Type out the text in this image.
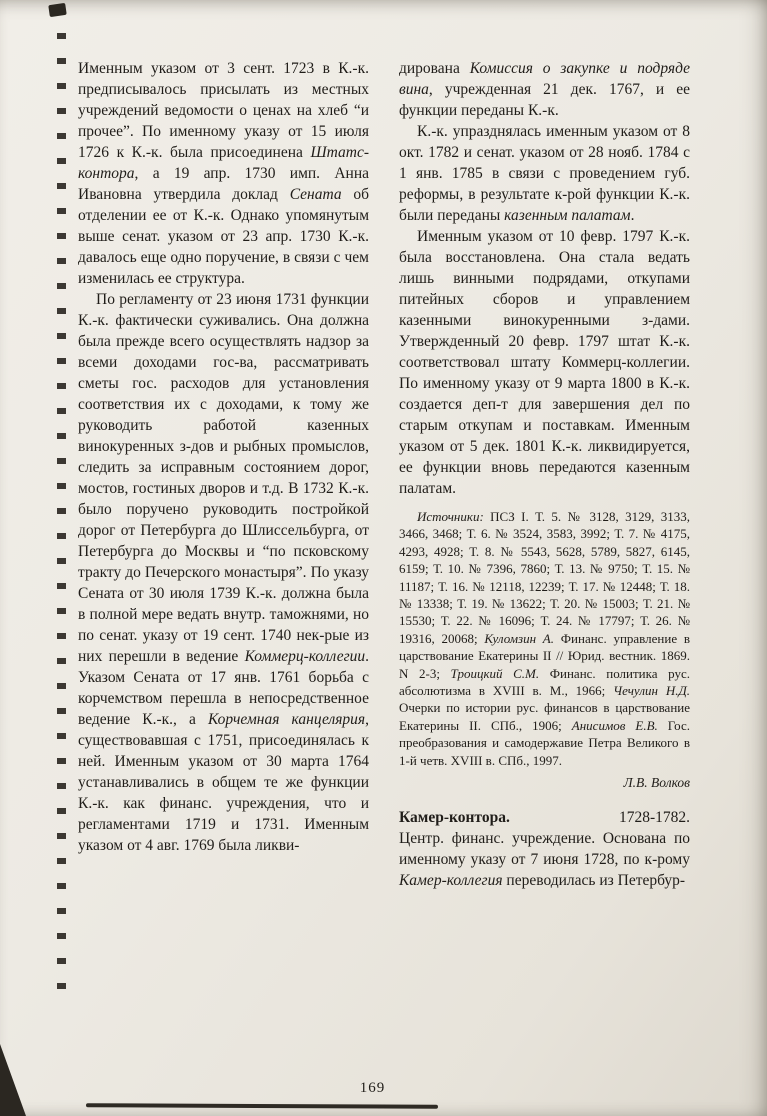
Именным указом от 3 сент. 1723 в К.-к. предписывалось присылать из местных учреждений ведомости о ценах на хлеб “и прочее”. По именному указу от 15 июля 1726 к К.-к. была присоединена Штатс-контора, а 19 апр. 1730 имп. Анна Ивановна утвердила доклад Сената об отделении ее от К.-к. Однако упомянутым выше сенат. указом от 23 апр. 1730 К.-к. давалось еще одно поручение, в связи с чем изменилась ее структура.

По регламенту от 23 июня 1731 функции К.-к. фактически суживались. Она должна была прежде всего осуществлять надзор за всеми доходами гос-ва, рассматривать сметы гос. расходов для установления соответствия их с доходами, к тому же руководить работой казенных винокуренных з-дов и рыбных промыслов, следить за исправным состоянием дорог, мостов, гостиных дворов и т.д. В 1732 К.-к. было поручено руководить постройкой дорог от Петербурга до Шлиссельбурга, от Петербурга до Москвы и “по псковскому тракту до Печерского монастыря”. По указу Сената от 30 июля 1739 К.-к. должна была в полной мере ведать внутр. таможнями, но по сенат. указу от 19 сент. 1740 нек-рые из них перешли в ведение Коммерц-коллегии. Указом Сената от 17 янв. 1761 борьба с корчемством перешла в непосредственное ведение К.-к., а Корчемная канцелярия, существовавшая с 1751, присоединялась к ней. Именным указом от 30 марта 1764 устанавливались в общем те же функции К.-к. как финанс. учреждения, что и регламентами 1719 и 1731. Именным указом от 4 авг. 1769 была ликви-

дирована Комиссия о закупке и подряде вина, учрежденная 21 дек. 1767, и ее функции переданы К.-к.

К.-к. упразднялась именным указом от 8 окт. 1782 и сенат. указом от 28 нояб. 1784 с 1 янв. 1785 в связи с проведением губ. реформы, в результате к-рой функции К.-к. были переданы казенным палатам.

Именным указом от 10 февр. 1797 К.-к. была восстановлена. Она стала ведать лишь винными подрядами, откупами питейных сборов и управлением казенными винокуренными з-дами. Утвержденный 20 февр. 1797 штат К.-к. соответствовал штату Коммерц-коллегии. По именному указу от 9 марта 1800 в К.-к. создается деп-т для завершения дел по старым откупам и поставкам. Именным указом от 5 дек. 1801 К.-к. ликвидируется, ее функции вновь передаются казенным палатам.

Источники: ПСЗ I. Т. 5. № 3128, 3129, 3133, 3466, 3468; Т. 6. № 3524, 3583, 3992; Т. 7. № 4175, 4293, 4928; Т. 8. № 5543, 5628, 5789, 5827, 6145, 6159; Т. 10. № 7396, 7860; Т. 13. № 9750; Т. 15. № 11187; Т. 16. № 12118, 12239; Т. 17. № 12448; Т. 18. № 13338; Т. 19. № 13622; Т. 20. № 15003; Т. 21. № 15530; Т. 22. № 16096; Т. 24. № 17797; Т. 26. № 19316, 20068; Куломзин А. Финанс. управление в царствование Екатерины II // Юрид. вестник. 1869. N 2-3; Троицкий С.М. Финанс. политика рус. абсолютизма в XVIII в. М., 1966; Чечулин Н.Д. Очерки по истории рус. финансов в царствование Екатерины II. СПб., 1906; Анисимов Е.В. Гос. преобразования и самодержавие Петра Великого в 1-й четв. XVIII в. СПб., 1997.

Л.В. Волков

Камер-контора.	1728-1782.

Центр. финанс. учреждение. Основана по именному указу от 7 июня 1728, по к-рому Камер-коллегия переводилась из Петербур-

169
